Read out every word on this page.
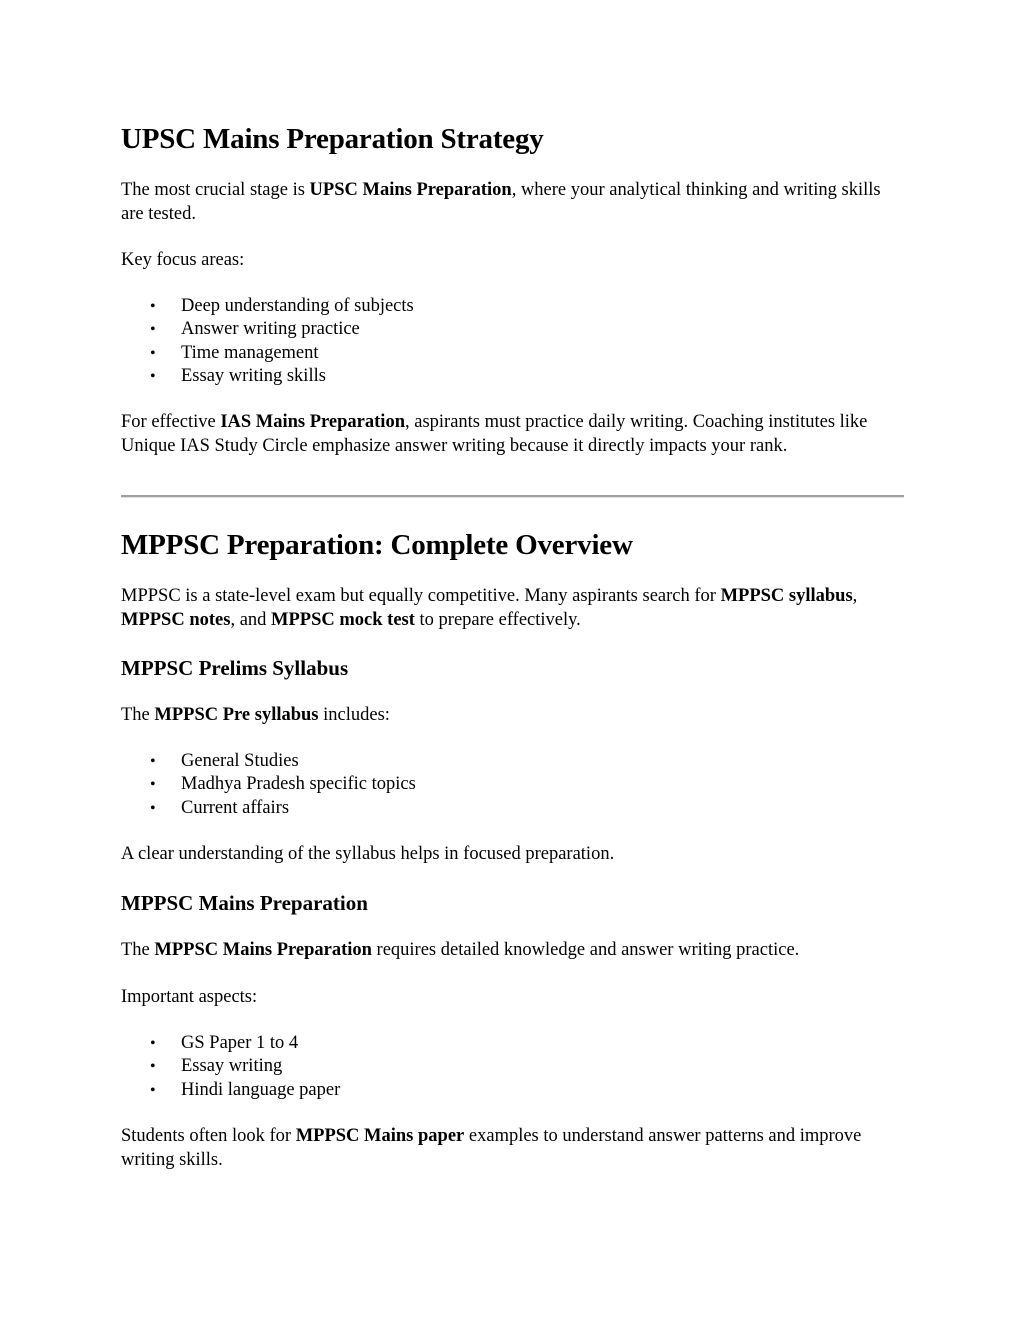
UPSC Mains Preparation Strategy

The most crucial stage is UPSC Mains Preparation, where your analytical thinking and writing skills are tested.

Key focus areas:

• Deep understanding of subjects
• Answer writing practice
• Time management
• Essay writing skills

For effective IAS Mains Preparation, aspirants must practice daily writing. Coaching institutes like Unique IAS Study Circle emphasize answer writing because it directly impacts your rank.

MPPSC Preparation: Complete Overview

MPPSC is a state-level exam but equally competitive. Many aspirants search for MPPSC syllabus, MPPSC notes, and MPPSC mock test to prepare effectively.

MPPSC Prelims Syllabus

The MPPSC Pre syllabus includes:

• General Studies
• Madhya Pradesh specific topics
• Current affairs

A clear understanding of the syllabus helps in focused preparation.

MPPSC Mains Preparation

The MPPSC Mains Preparation requires detailed knowledge and answer writing practice.

Important aspects:

• GS Paper 1 to 4
• Essay writing
• Hindi language paper

Students often look for MPPSC Mains paper examples to understand answer patterns and improve writing skills.
